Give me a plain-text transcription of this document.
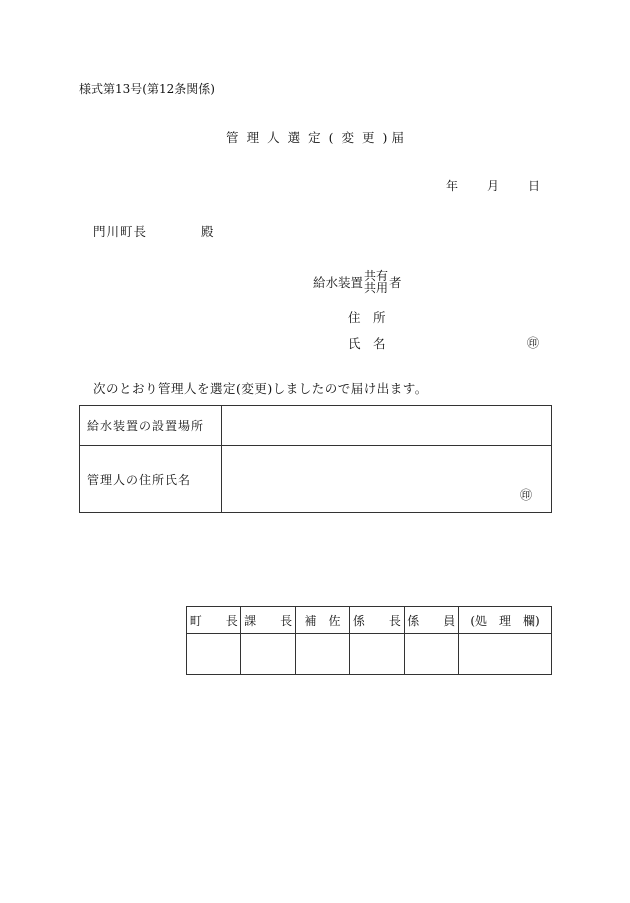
様式第13号(第12条関係)
管 理 人 選 定 ( 変 更 ) 届
年 月 日
門川町長	殿
給水装置 共有
共用 者
住　所
氏　名	㊞
次のとおり管理人を選定(変更)しましたので届け出ます。
給水装置の設置場所	
管理人の住所氏名	㊞
町　　長	課　　長	補　佐	係　　長	係　　員	(処　理　欄)
